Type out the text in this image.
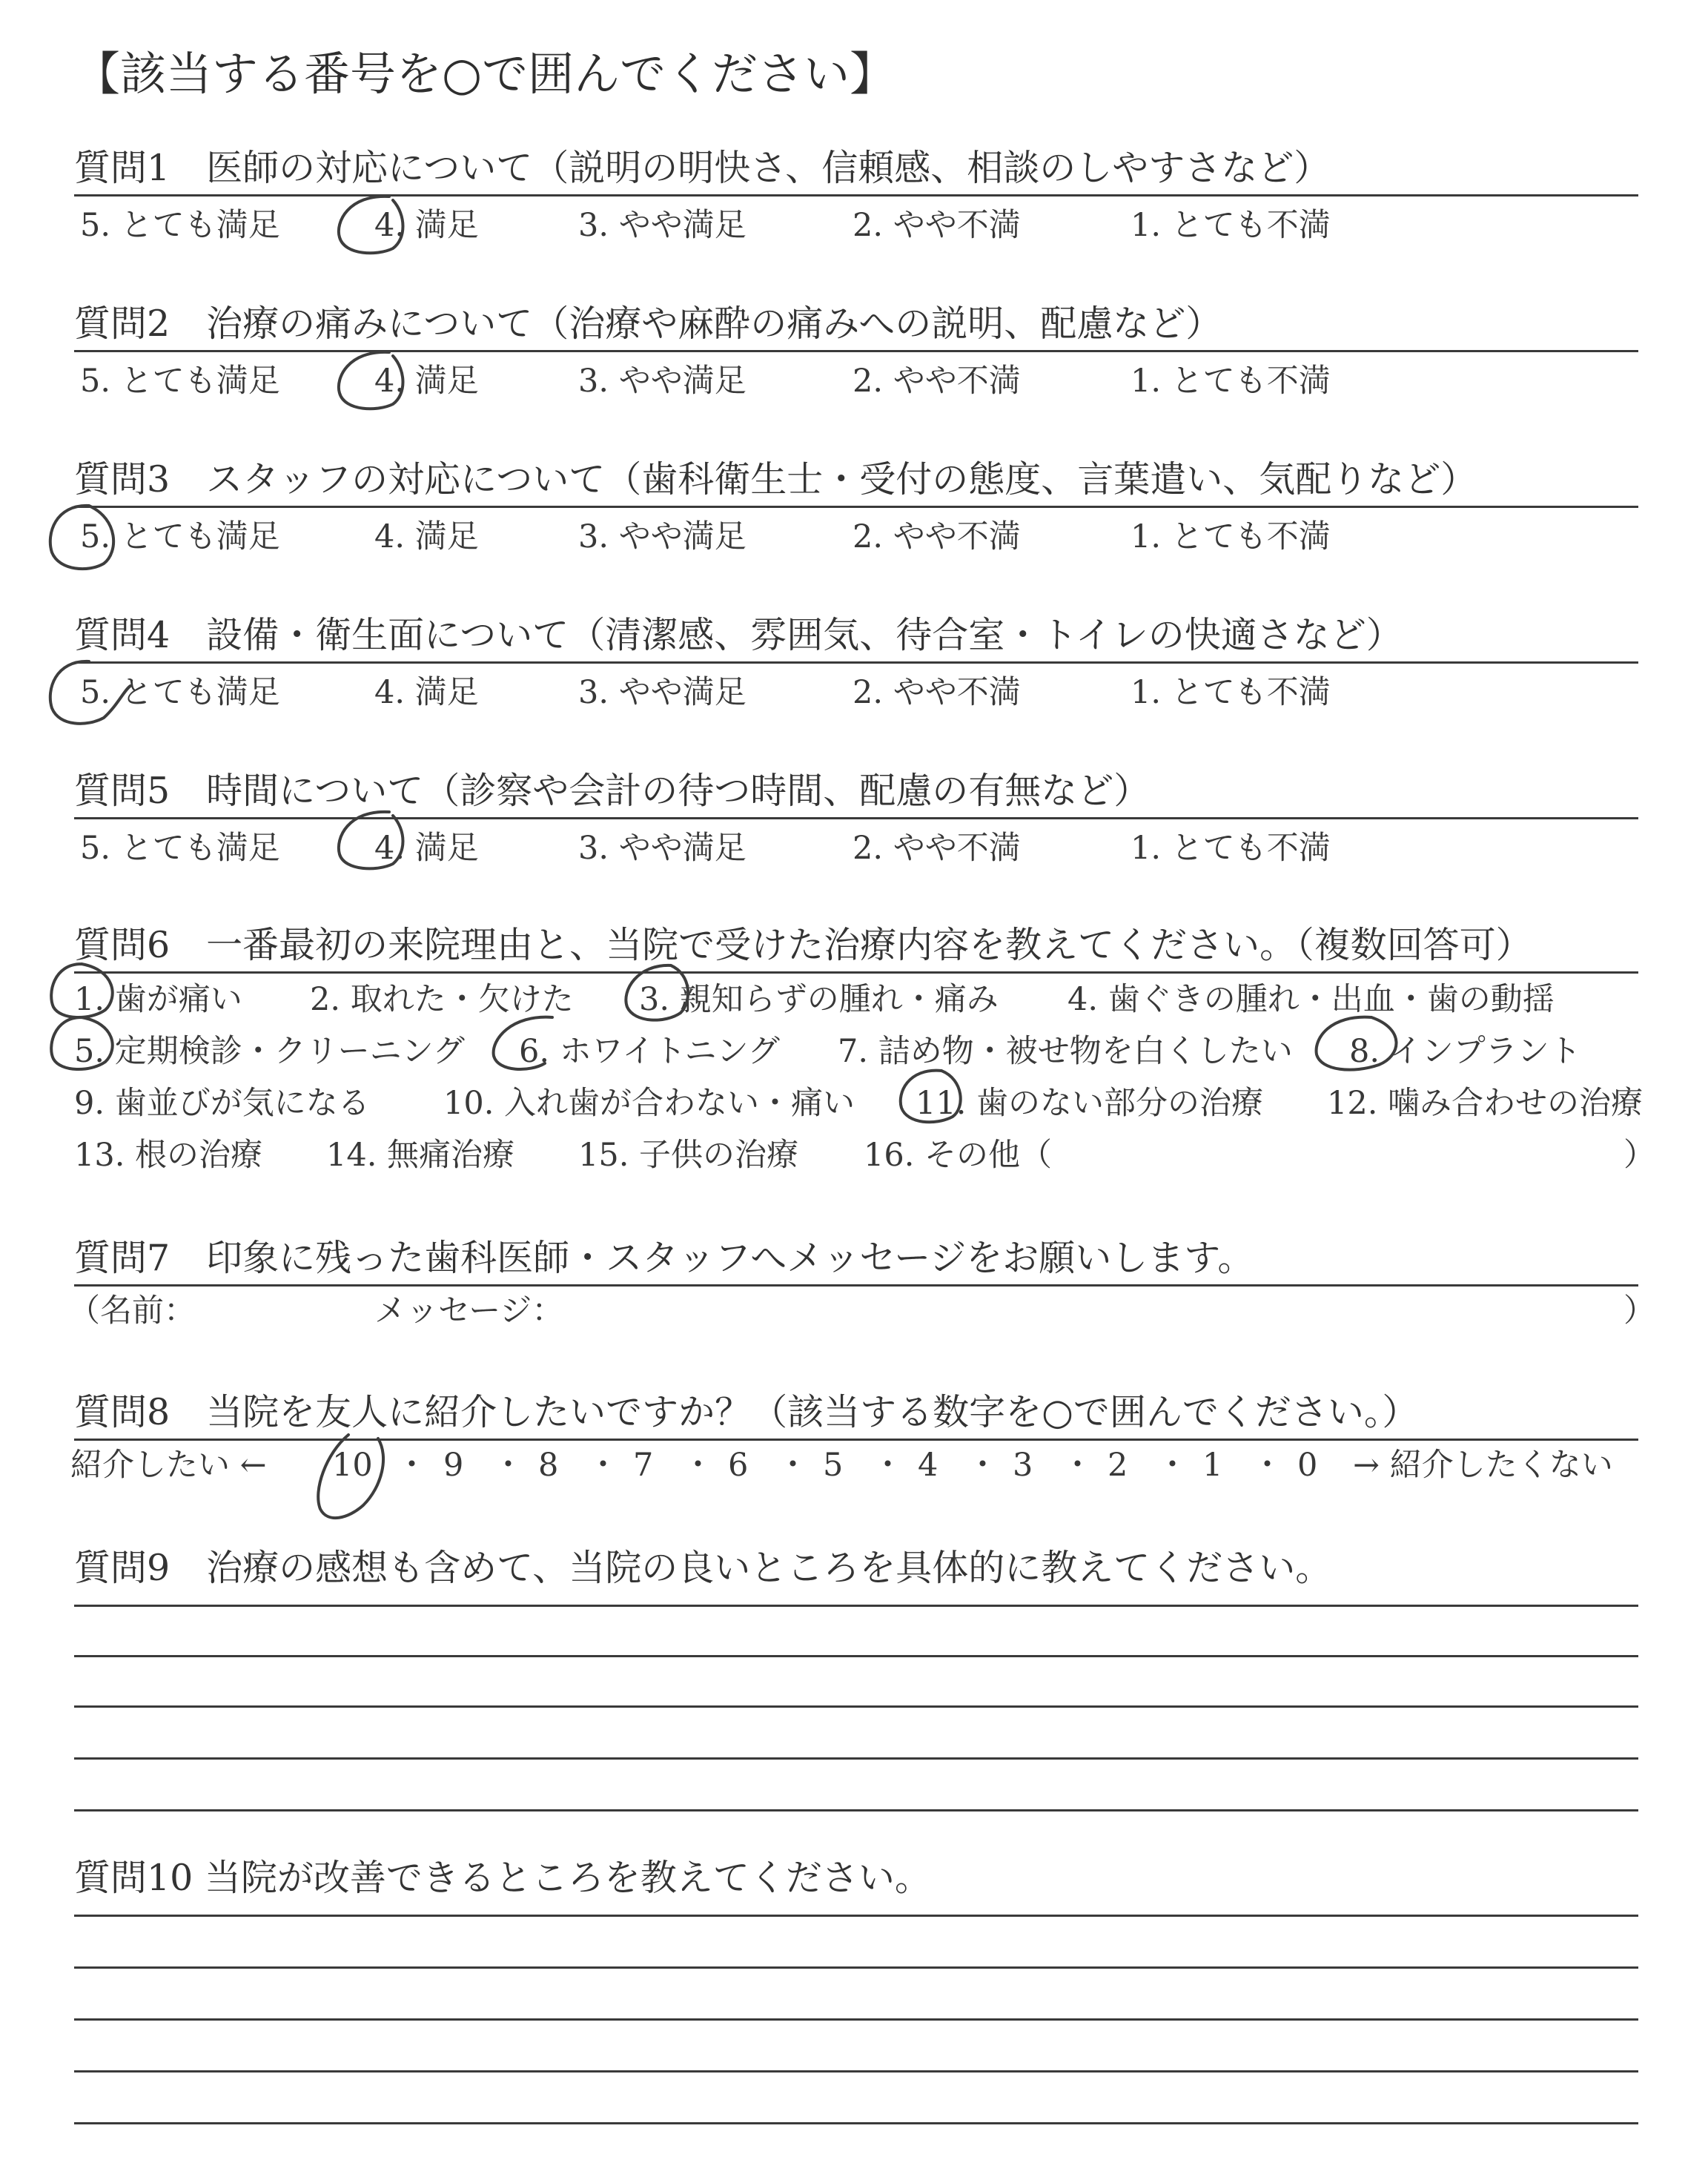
【該当する番号を○で囲んでください】
質問1　医師の対応について（説明の明快さ、信頼感、相談のしやすさなど）
5. とても満足	4. 満足	3. やや満足	2. やや不満	1. とても不満
質問2　治療の痛みについて（治療や麻酔の痛みへの説明、配慮など）
5. とても満足	4. 満足	3. やや満足	2. やや不満	1. とても不満
質問3　スタッフの対応について（歯科衛生士・受付の態度、言葉遣い、気配りなど）
5. とても満足	4. 満足	3. やや満足	2. やや不満	1. とても不満
質問4　設備・衛生面について（清潔感、雰囲気、待合室・トイレの快適さなど）
5. とても満足	4. 満足	3. やや満足	2. やや不満	1. とても不満
質問5　時間について（診察や会計の待つ時間、配慮の有無など）
5. とても満足	4. 満足	3. やや満足	2. やや不満	1. とても不満
質問6　一番最初の来院理由と、当院で受けた治療内容を教えてください。（複数回答可）
1. 歯が痛い 2. 取れた・欠けた 3. 親知らずの腫れ・痛み 4. 歯ぐきの腫れ・出血・歯の動揺
5. 定期検診・クリーニング 6. ホワイトニング 7. 詰め物・被せ物を白くしたい 8. インプラント
9. 歯並びが気になる 10. 入れ歯が合わない・痛い 11. 歯のない部分の治療 12. 噛み合わせの治療
13. 根の治療 14. 無痛治療 15. 子供の治療 16. その他（	）
質問7　印象に残った歯科医師・スタッフへメッセージをお願いします。
（名前：	メッセージ：	）
質問8　当院を友人に紹介したいですか？（該当する数字を○で囲んでください。）
紹介したい ← 10 ・ 9 ・ 8 ・ 7 ・ 6 ・ 5 ・ 4 ・ 3 ・ 2 ・ 1 ・ 0 → 紹介したくない
質問9　治療の感想も含めて、当院の良いところを具体的に教えてください。
質問10 当院が改善できるところを教えてください。
